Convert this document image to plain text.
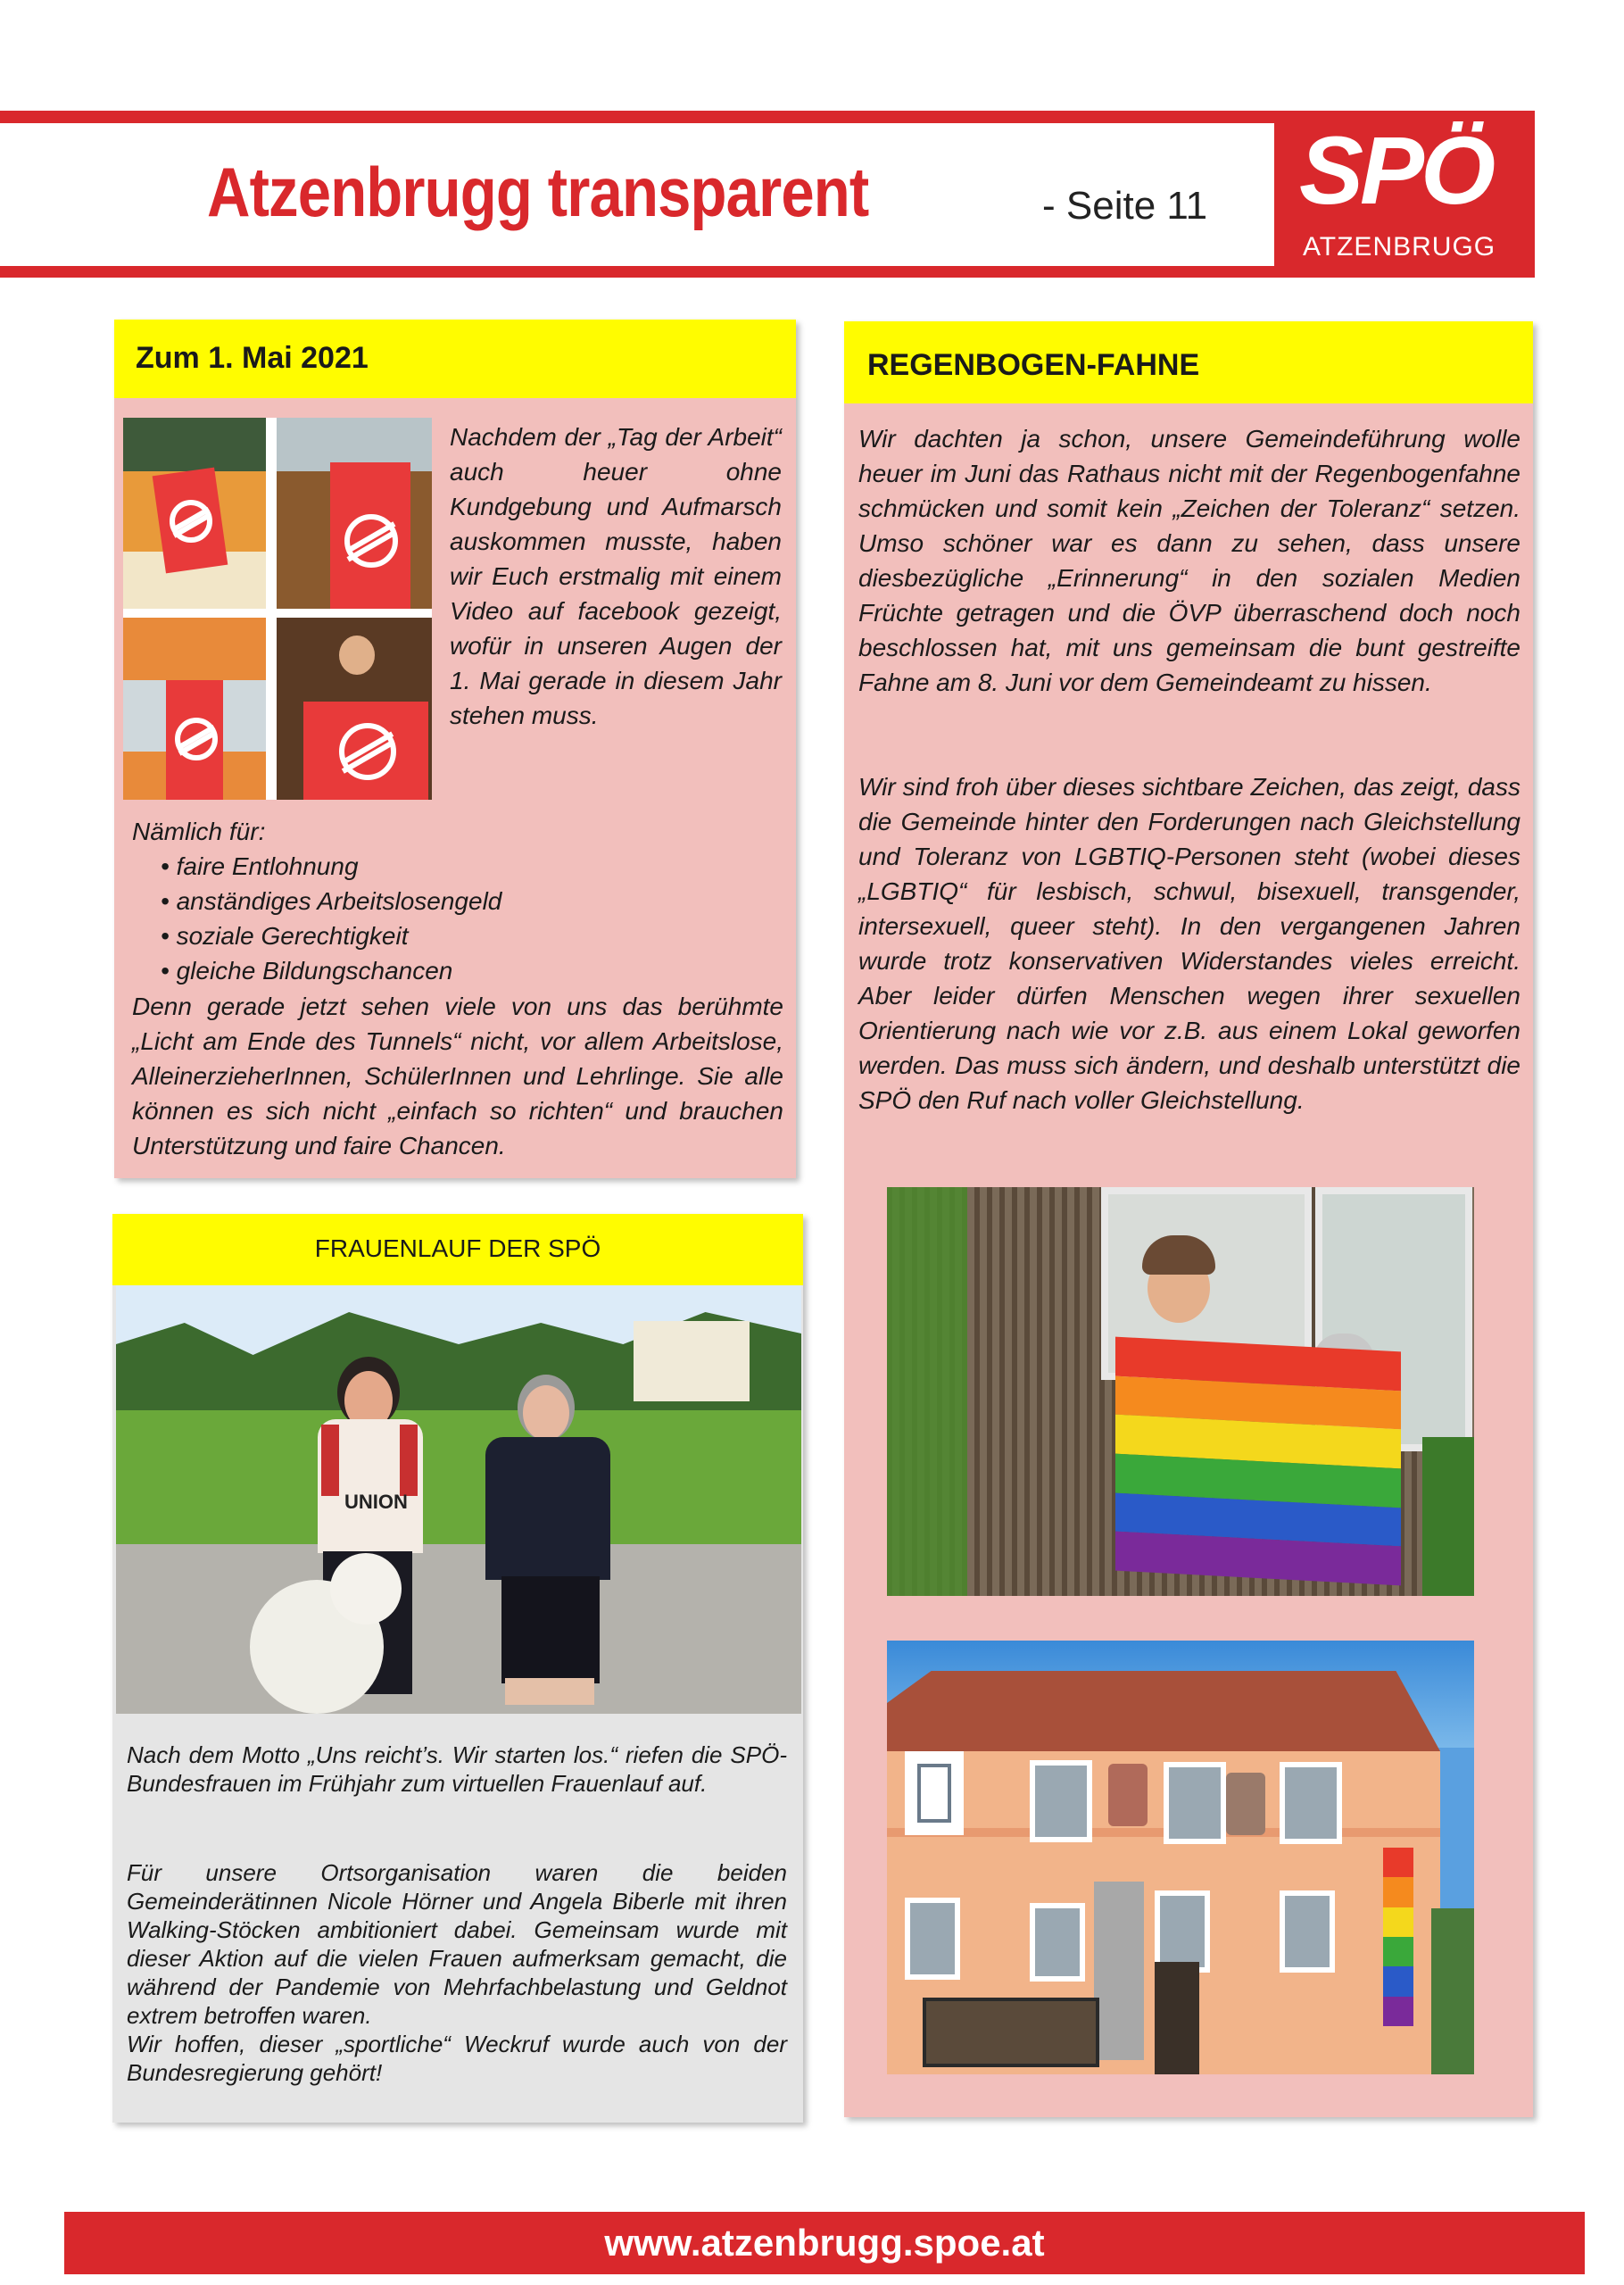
Atzenbrugg transparent	- Seite 11 SPÖ
ATZENBRUGG
Zum 1. Mai 2021
Nachdem der „Tag der Arbeit“ auch heuer ohne Kundgebung und Aufmarsch auskommen musste, haben wir Euch erstmalig mit einem Video auf facebook gezeigt, wofür in unseren Augen der 1. Mai gerade in diesem Jahr stehen muss.
Nämlich für:
• faire Entlohnung
• anständiges Arbeitslosengeld
• soziale Gerechtigkeit
• gleiche Bildungschancen
Denn gerade jetzt sehen viele von uns das berühmte „Licht am Ende des Tunnels“ nicht, vor allem Arbeitslose, AlleinerzieherInnen, SchülerInnen und Lehrlinge. Sie alle können es sich nicht „einfach so richten“ und brauchen Unterstützung und faire Chancen.
REGENBOGEN-FAHNE
Wir dachten ja schon, unsere Gemeindeführung wolle heuer im Juni das Rathaus nicht mit der Regenbogenfahne schmücken und somit kein „Zeichen der Toleranz“ setzen. Umso schöner war es dann zu sehen, dass unsere diesbezügliche „Erinnerung“ in den sozialen Medien Früchte getragen und die ÖVP überraschend doch noch beschlossen hat, mit uns gemeinsam die bunt gestreifte Fahne am 8. Juni vor dem Gemeindeamt zu hissen.
Wir sind froh über dieses sichtbare Zeichen, das zeigt, dass die Gemeinde hinter den Forderungen nach Gleichstellung und Toleranz von LGBTIQ-Personen steht (wobei dieses „LGBTIQ“ für lesbisch, schwul, bisexuell, transgender, intersexuell, queer steht). In den vergangenen Jahren wurde trotz konservativen Widerstandes vieles erreicht. Aber leider dürfen Menschen wegen ihrer sexuellen Orientierung nach wie vor z.B. aus einem Lokal geworfen werden. Das muss sich ändern, und deshalb unterstützt die SPÖ den Ruf nach voller Gleichstellung.
FRAUENLAUF DER SPÖ
UNION
Nach dem Motto „Uns reicht’s. Wir starten los.“ riefen die SPÖ-Bundesfrauen im Frühjahr zum virtuellen Frauenlauf auf.
Für unsere Ortsorganisation waren die beiden Gemeinderätinnen Nicole Hörner und Angela Biberle mit ihren Walking-Stöcken ambitioniert dabei. Gemeinsam wurde mit dieser Aktion auf die vielen Frauen aufmerksam gemacht, die während der Pandemie von Mehrfachbelastung und Geldnot extrem betroffen waren.
Wir hoffen, dieser „sportliche“ Weckruf wurde auch von der Bundesregierung gehört!
www.atzenbrugg.spoe.at
